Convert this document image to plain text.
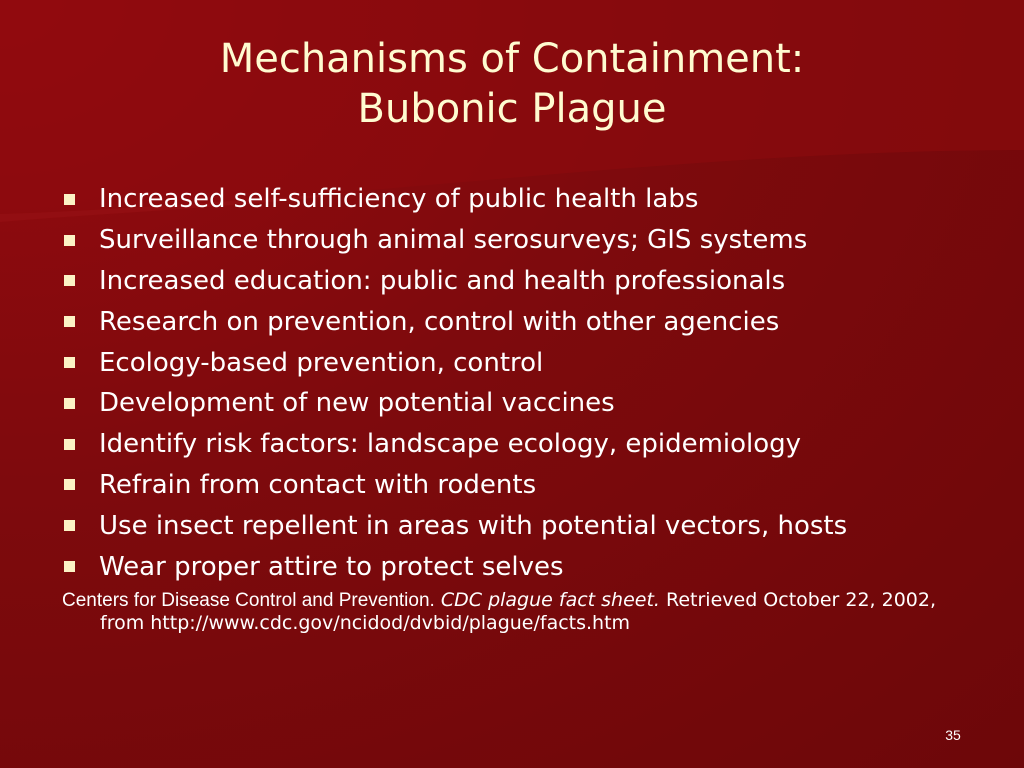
Mechanisms of Containment:
Bubonic Plague
Increased self-sufficiency of public health labs
Surveillance through animal serosurveys; GIS systems
Increased education: public and health professionals
Research on prevention, control with other agencies
Ecology-based prevention, control
Development of new potential vaccines
Identify risk factors: landscape ecology, epidemiology
Refrain from contact with rodents
Use insect repellent in areas with potential vectors, hosts
Wear proper attire to protect selves
Centers for Disease Control and Prevention. CDC plague fact sheet. Retrieved October 22, 2002, from http://www.cdc.gov/ncidod/dvbid/plague/facts.htm
35
